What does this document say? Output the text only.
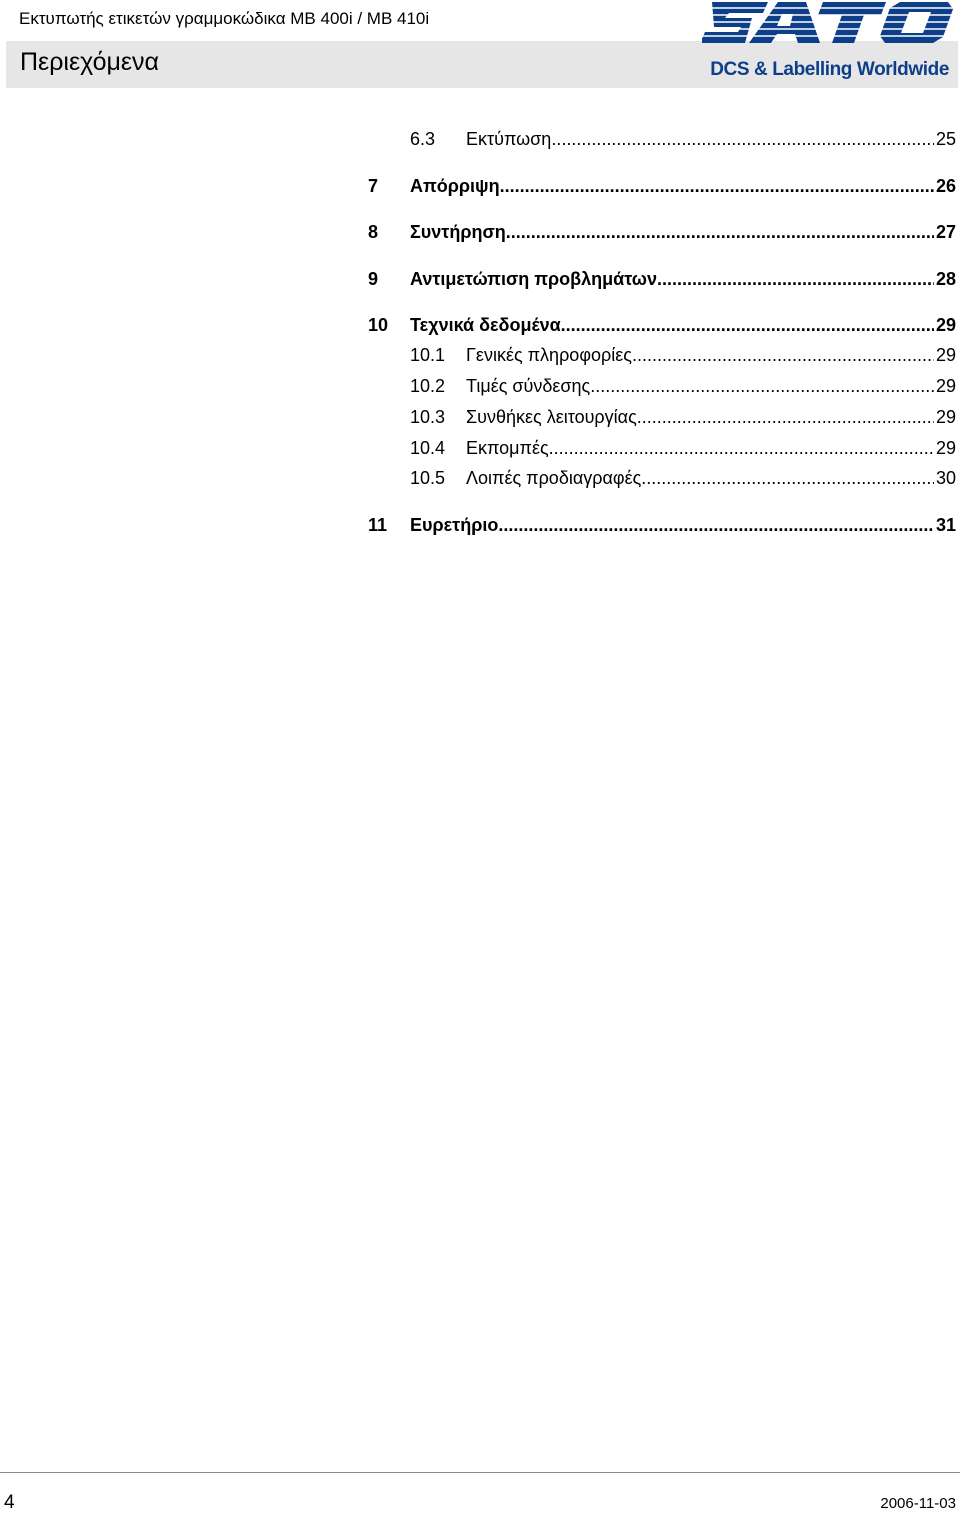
Εκτυπωτής ετικετών γραμμοκώδικα MB 400i / MB 410i
Περιεχόμενα	DCS & Labelling Worldwide
6.3	Εκτύπωση .....	25
7	Απόρριψη .....	26
8	Συντήρηση .....	27
9	Αντιμετώπιση προβλημάτων .....	28
10	Τεχνικά δεδομένα .....	29
10.1	Γενικές πληροφορίες .....	29
10.2	Τιμές σύνδεσης .....	29
10.3	Συνθήκες λειτουργίας .....	29
10.4	Εκπομπές .....	29
10.5	Λοιπές προδιαγραφές .....	30
11	Ευρετήριο .....	31
4	2006-11-03
